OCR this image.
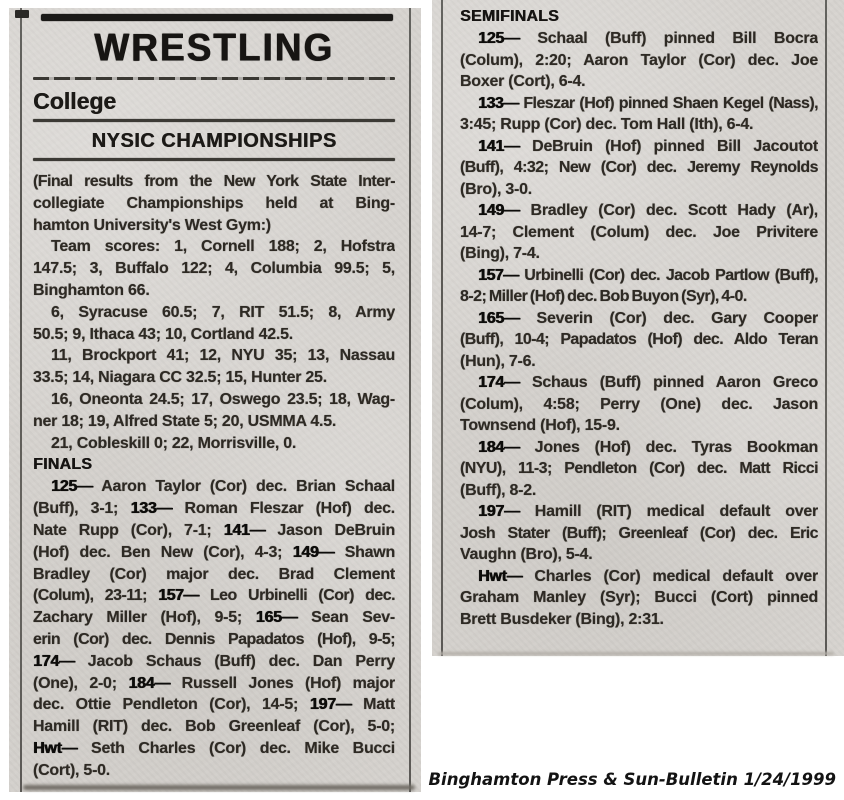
WRESTLING
College
NYSIC CHAMPIONSHIPS
(Final results from the New York State Inter-
collegiate Championships held at Bing-
hamton University's West Gym:)
Team scores: 1, Cornell 188; 2, Hofstra
147.5; 3, Buffalo 122; 4, Columbia 99.5; 5,
Binghamton 66.
6, Syracuse 60.5; 7, RIT 51.5; 8, Army
50.5; 9, Ithaca 43; 10, Cortland 42.5.
11, Brockport 41; 12, NYU 35; 13, Nassau
33.5; 14, Niagara CC 32.5; 15, Hunter 25.
16, Oneonta 24.5; 17, Oswego 23.5; 18, Wag-
ner 18; 19, Alfred State 5; 20, USMMA 4.5.
21, Cobleskill 0; 22, Morrisville, 0.
FINALS
125— Aaron Taylor (Cor) dec. Brian Schaal
(Buff), 3-1; 133— Roman Fleszar (Hof) dec.
Nate Rupp (Cor), 7-1; 141— Jason DeBruin
(Hof) dec. Ben New (Cor), 4-3; 149— Shawn
Bradley (Cor) major dec. Brad Clement
(Colum), 23-11; 157— Leo Urbinelli (Cor) dec.
Zachary Miller (Hof), 9-5; 165— Sean Sev-
erin (Cor) dec. Dennis Papadatos (Hof), 9-5;
174— Jacob Schaus (Buff) dec. Dan Perry
(One), 2-0; 184— Russell Jones (Hof) major
dec. Ottie Pendleton (Cor), 14-5; 197— Matt
Hamill (RIT) dec. Bob Greenleaf (Cor), 5-0;
Hwt— Seth Charles (Cor) dec. Mike Bucci
(Cort), 5-0.
SEMIFINALS
125— Schaal (Buff) pinned Bill Bocra
(Colum), 2:20; Aaron Taylor (Cor) dec. Joe
Boxer (Cort), 6-4.
133— Fleszar (Hof) pinned Shaen Kegel (Nass),
3:45; Rupp (Cor) dec. Tom Hall (Ith), 6-4.
141— DeBruin (Hof) pinned Bill Jacoutot
(Buff), 4:32; New (Cor) dec. Jeremy Reynolds
(Bro), 3-0.
149— Bradley (Cor) dec. Scott Hady (Ar),
14-7; Clement (Colum) dec. Joe Privitere
(Bing), 7-4.
157— Urbinelli (Cor) dec. Jacob Partlow (Buff),
8-2; Miller (Hof) dec. Bob Buyon (Syr), 4-0.
165— Severin (Cor) dec. Gary Cooper
(Buff), 10-4; Papadatos (Hof) dec. Aldo Teran
(Hun), 7-6.
174— Schaus (Buff) pinned Aaron Greco
(Colum), 4:58; Perry (One) dec. Jason
Townsend (Hof), 15-9.
184— Jones (Hof) dec. Tyras Bookman
(NYU), 11-3; Pendleton (Cor) dec. Matt Ricci
(Buff), 8-2.
197— Hamill (RIT) medical default over
Josh Stater (Buff); Greenleaf (Cor) dec. Eric
Vaughn (Bro), 5-4.
Hwt— Charles (Cor) medical default over
Graham Manley (Syr); Bucci (Cort) pinned
Brett Busdeker (Bing), 2:31.
Binghamton Press & Sun-Bulletin 1/24/1999
